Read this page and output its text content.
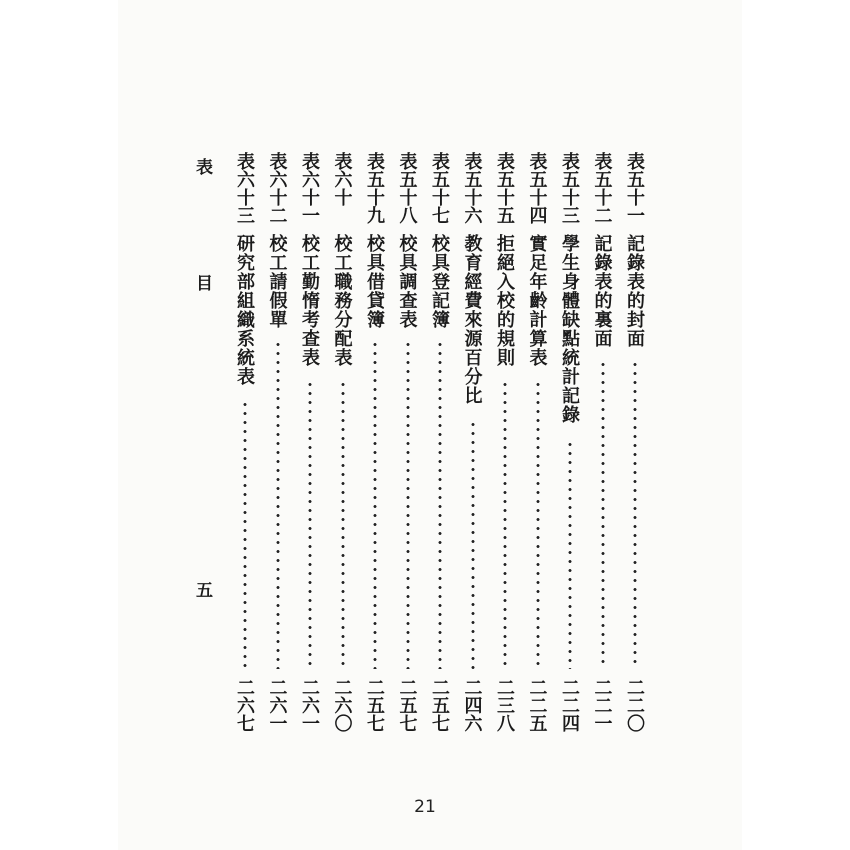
表
目
五
表五十一
記錄表的封面
二二〇
表五十二
記錄表的裏面
二二一
表五十三
學生身體缺點統計記錄
二二四
表五十四
實足年齡計算表
二二五
表五十五
拒絕入校的規則
二三八
表五十六
教育經費來源百分比
二四六
表五十七
校具登記簿
二五七
表五十八
校具調查表
二五七
表五十九
校具借貸簿
二五七
表六十
校工職務分配表
二六〇
表六十一
校工勤惰考查表
二六一
表六十二
校工請假單
二六一
表六十三
研究部組織系統表
二六七
21
